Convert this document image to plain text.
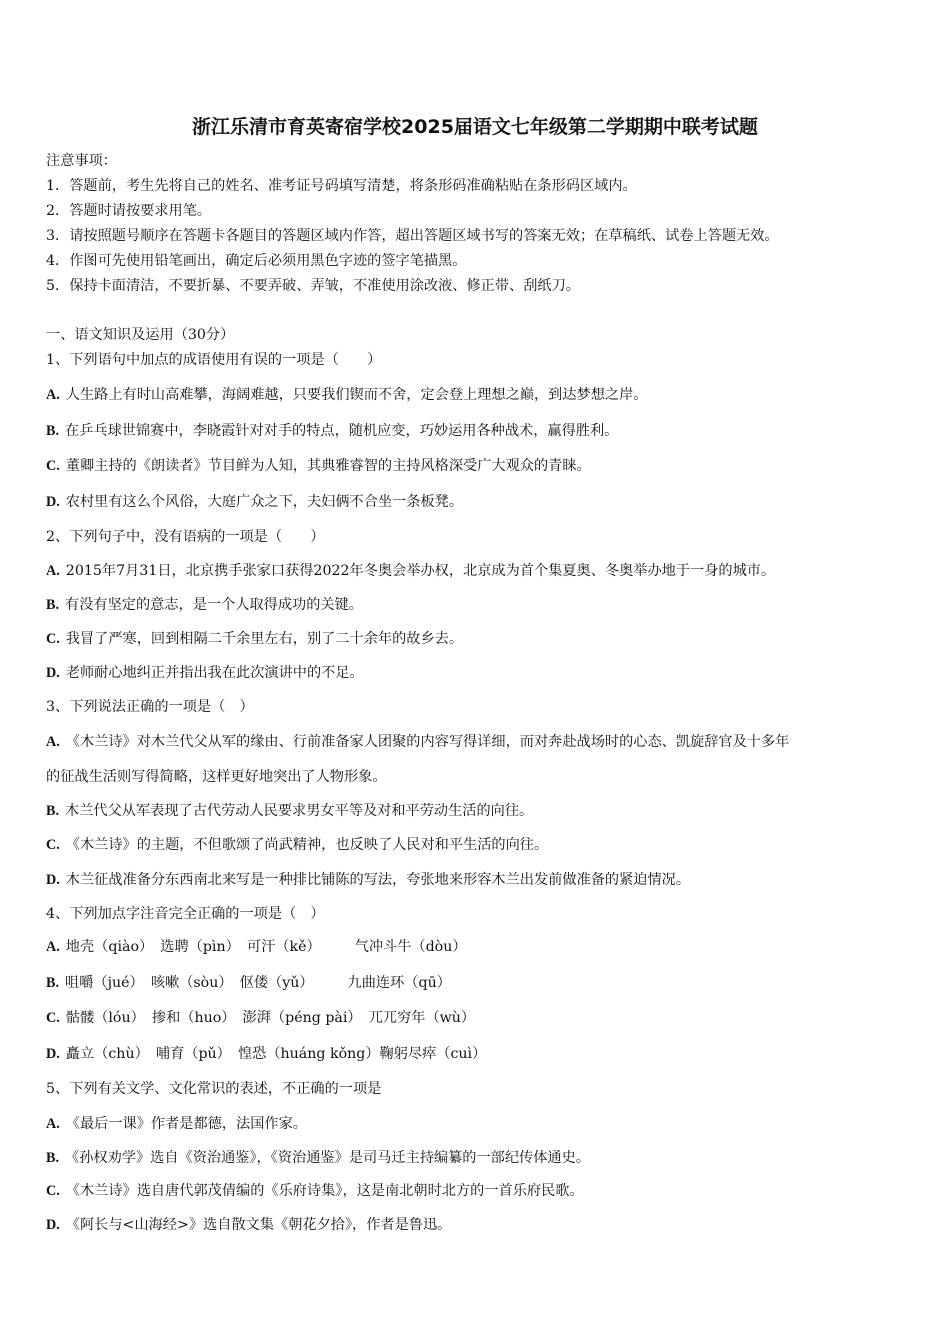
浙江乐清市育英寄宿学校2025届语文七年级第二学期期中联考试题
注意事项：
1．答题前，考生先将自己的姓名、准考证号码填写清楚，将条形码准确粘贴在条形码区域内。
2．答题时请按要求用笔。
3．请按照题号顺序在答题卡各题目的答题区域内作答，超出答题区域书写的答案无效；在草稿纸、试卷上答题无效。
4．作图可先使用铅笔画出，确定后必须用黑色字迹的签字笔描黑。
5．保持卡面清洁，不要折暴、不要弄破、弄皱，不准使用涂改液、修正带、刮纸刀。
一、语文知识及运用（30分）
1、下列语句中加点的成语使用有误的一项是（　　）
A. 人生路上有时山高难攀，海阔难越，只要我们锲而不舍，定会登上理想之巅，到达梦想之岸。
B. 在乒乓球世锦赛中，李晓霞针对对手的特点，随机应变，巧妙运用各种战术，赢得胜利。
C. 董卿主持的《朗读者》节目鲜为人知，其典雅睿智的主持风格深受广大观众的青睐。
D. 农村里有这么个风俗，大庭广众之下，夫妇俩不合坐一条板凳。
2、下列句子中，没有语病的一项是（　　）
A. 2015年7月31日，北京携手张家口获得2022年冬奥会举办权，北京成为首个集夏奥、冬奥举办地于一身的城市。
B. 有没有坚定的意志，是一个人取得成功的关键。
C. 我冒了严寒，回到相隔二千余里左右，别了二十余年的故乡去。
D. 老师耐心地纠正并指出我在此次演讲中的不足。
3、下列说法正确的一项是（　）
A. 《木兰诗》对木兰代父从军的缘由、行前准备家人团聚的内容写得详细，而对奔赴战场时的心态、凯旋辞官及十多年
的征战生活则写得简略，这样更好地突出了人物形象。
B. 木兰代父从军表现了古代劳动人民要求男女平等及对和平劳动生活的向往。
C. 《木兰诗》的主题，不但歌颂了尚武精神，也反映了人民对和平生活的向往。
D. 木兰征战准备分东西南北来写是一种排比铺陈的写法，夸张地来形容木兰出发前做准备的紧迫情况。
4、下列加点字注音完全正确的一项是（　）
A. 地壳（qiào）　 选聘（pìn）　 可汗（kě） 气冲斗牛（dòu）
B. 咀嚼（jué）　 咳嗽（sòu）　 伛偻（yǔ） 九曲连环（qū）
C. 骷髅（lóu）　 掺和（huo）　 澎湃（péng pài）　 兀兀穷年（wù）
D. 矗立（chù）　 哺育（pǔ）　 惶恐（huáng kǒng）鞠躬尽瘁（cuì）
5、下列有关文学、文化常识的表述，不正确的一项是
A. 《最后一课》作者是都德，法国作家。
B. 《孙权劝学》选自《资治通鉴》，《资治通鉴》是司马迁主持编纂的一部纪传体通史。
C. 《木兰诗》选自唐代郭茂倩编的《乐府诗集》，这是南北朝时北方的一首乐府民歌。
D. 《阿长与<山海经>》选自散文集《朝花夕拾》，作者是鲁迅。
